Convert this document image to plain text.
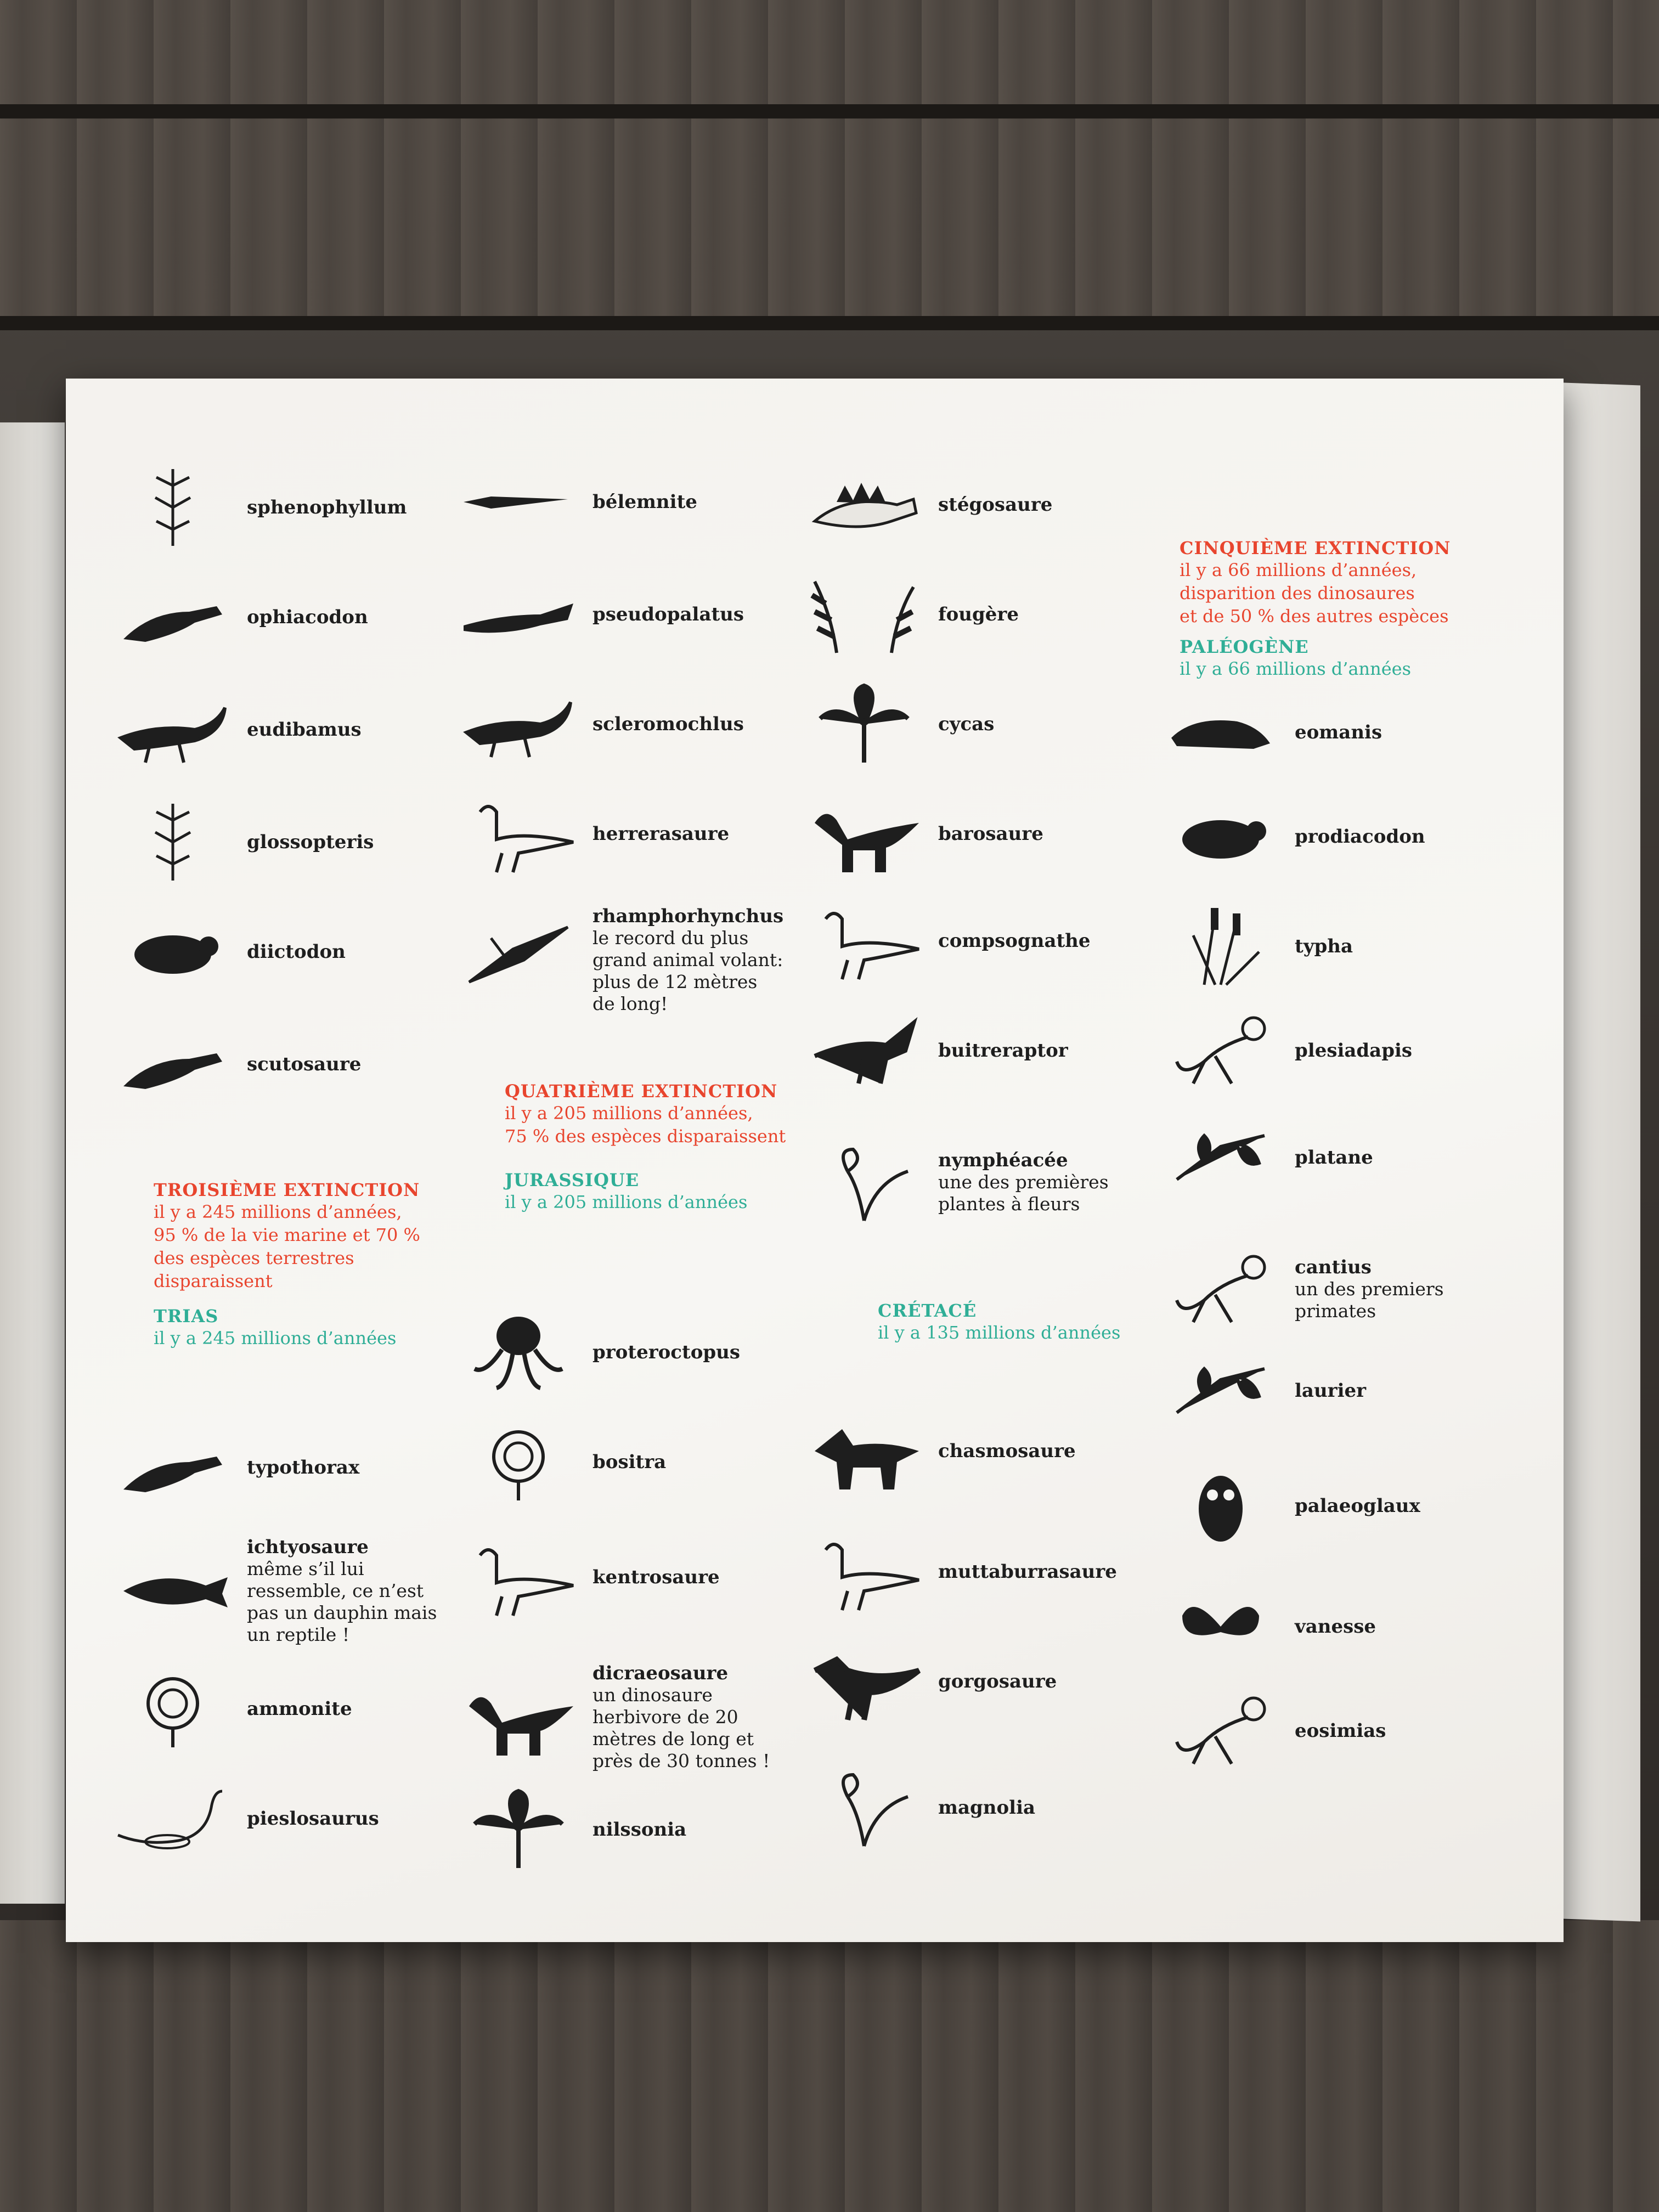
TROISIÈME EXTINCTION
il y a 245 millions d’années,
95 % de la vie marine et 70 %
des espèces terrestres
disparaissent
TRIAS
il y a 245 millions d’années
QUATRIÈME EXTINCTION
il y a 205 millions d’années,
75 % des espèces disparaissent
JURASSIQUE
il y a 205 millions d’années
CRÉTACÉ
il y a 135 millions d’années
CINQUIÈME EXTINCTION
il y a 66 millions d’années,
disparition des dinosaures
et de 50 % des autres espèces
PALÉOGÈNE
il y a 66 millions d’années
sphenophyllum
ophiacodon
eudibamus
glossopteris
diictodon
scutosaure
typothorax
ichtyosaure
même s’il lui
ressemble, ce n’est
pas un dauphin mais
un reptile !
ammonite
pieslosaurus
bélemnite
pseudopalatus
scleromochlus
herrerasaure
rhamphorhynchus
le record du plus
grand animal volant:
plus de 12 mètres
de long!
proteroctopus
bositra
kentrosaure
dicraeosaure
un dinosaure
herbivore de 20
mètres de long et
près de 30 tonnes !
nilssonia
stégosaure
fougère
cycas
barosaure
compsognathe
buitreraptor
nymphéacée
une des premières
plantes à fleurs
chasmosaure
muttaburrasaure
gorgosaure
magnolia
eomanis
prodiacodon
typha
plesiadapis
platane
cantius
un des premiers
primates
laurier
palaeoglaux
vanesse
eosimias
